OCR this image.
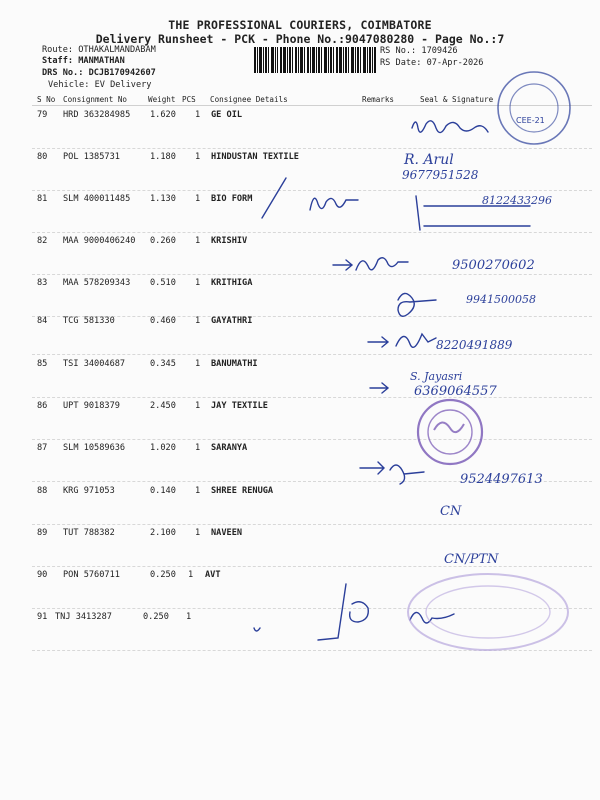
THE PROFESSIONAL COURIERS, COIMBATORE
Delivery Runsheet - PCK - Phone No.:9047080280 - Page No.:7
Route: OTHAKALMANDABAM
Staff: MANMATHAN
DRS No.: DCJB170942607
Vehicle: EV Delivery
RS No.: 1709426
RS Date: 07-Apr-2026
S No Consignment No	Weight PCS Consignee Details	Remarks	Seal & Signature
79 HRD 363284985 1.620 1 GE OIL
80 POL 1385731	1.180 1 HINDUSTAN TEXTILE
81 SLM 400011485 1.130 1 BIO FORM
82 MAA 9000406240 0.260 1 KRISHIV
83 MAA 578209343 0.510 1 KRITHIGA
84 TCG 581330	0.460 1 GAYATHRI
85 TSI 34004687	0.345 1 BANUMATHI
86 UPT 9018379	2.450 1 JAY TEXTILE
87 SLM 10589636	1.020 1 SARANYA
88 KRG 971053	0.140 1 SHREE RENUGA
89 TUT 788382	2.100 1 NAVEEN
90 PON 5760711	0.250 1 AVT
91 TNJ 3413287	0.250 1
CEE-21
R. Arul
9677951528
8122433296
9500270602
9941500058
8220491889
S. Jayasri
6369064557
9524497613
CN
CN/PTN
